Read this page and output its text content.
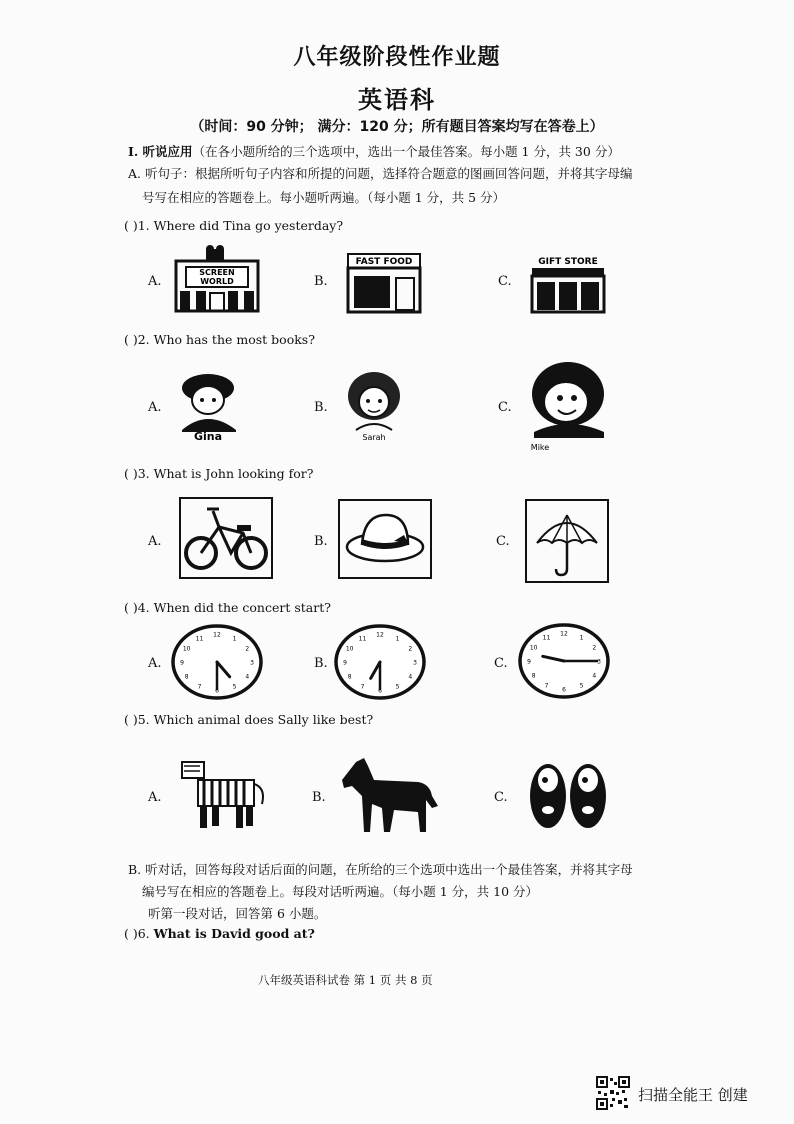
八年级阶段性作业题
英语科
（时间：90 分钟； 满分：120 分；所有题目答案均写在答卷上）
I. 听说应用（在各小题所给的三个选项中，选出一个最佳答案。每小题 1 分，共 30 分）
A. 听句子：根据所听句子内容和所提的问题，选择符合题意的图画回答问题，并将其字母编
号写在相应的答题卷上。每小题听两遍。（每小题 1 分，共 5 分）
( )1. Where did Tina go yesterday?
A.	B.	C.
SCREEN
WORLD
FAST FOOD	GIFT STORE
( )2. Who has the most books?
A.	B.	C.
Gina	Sarah
Mike
( )3. What is John looking for?
A.	B.	C.
( )4. When did the concert start?
A.	B.	C.
1
2
3
4
5
6
7
8
9
10
11
12
1
2
3
4
5
6
7
8
9
10
11
12	1
2
3
4
5
6
7
8
9
10
11
12
( )5. Which animal does Sally like best?
A.	B.	C.
B. 听对话，回答每段对话后面的问题，在所给的三个选项中选出一个最佳答案，并将其字母
编号写在相应的答题卷上。每段对话听两遍。（每小题 1 分，共 10 分）
听第一段对话，回答第 6 小题。
( )6. What is David good at?
八年级英语科试卷 第 1 页 共 8 页
扫描全能王 创建
